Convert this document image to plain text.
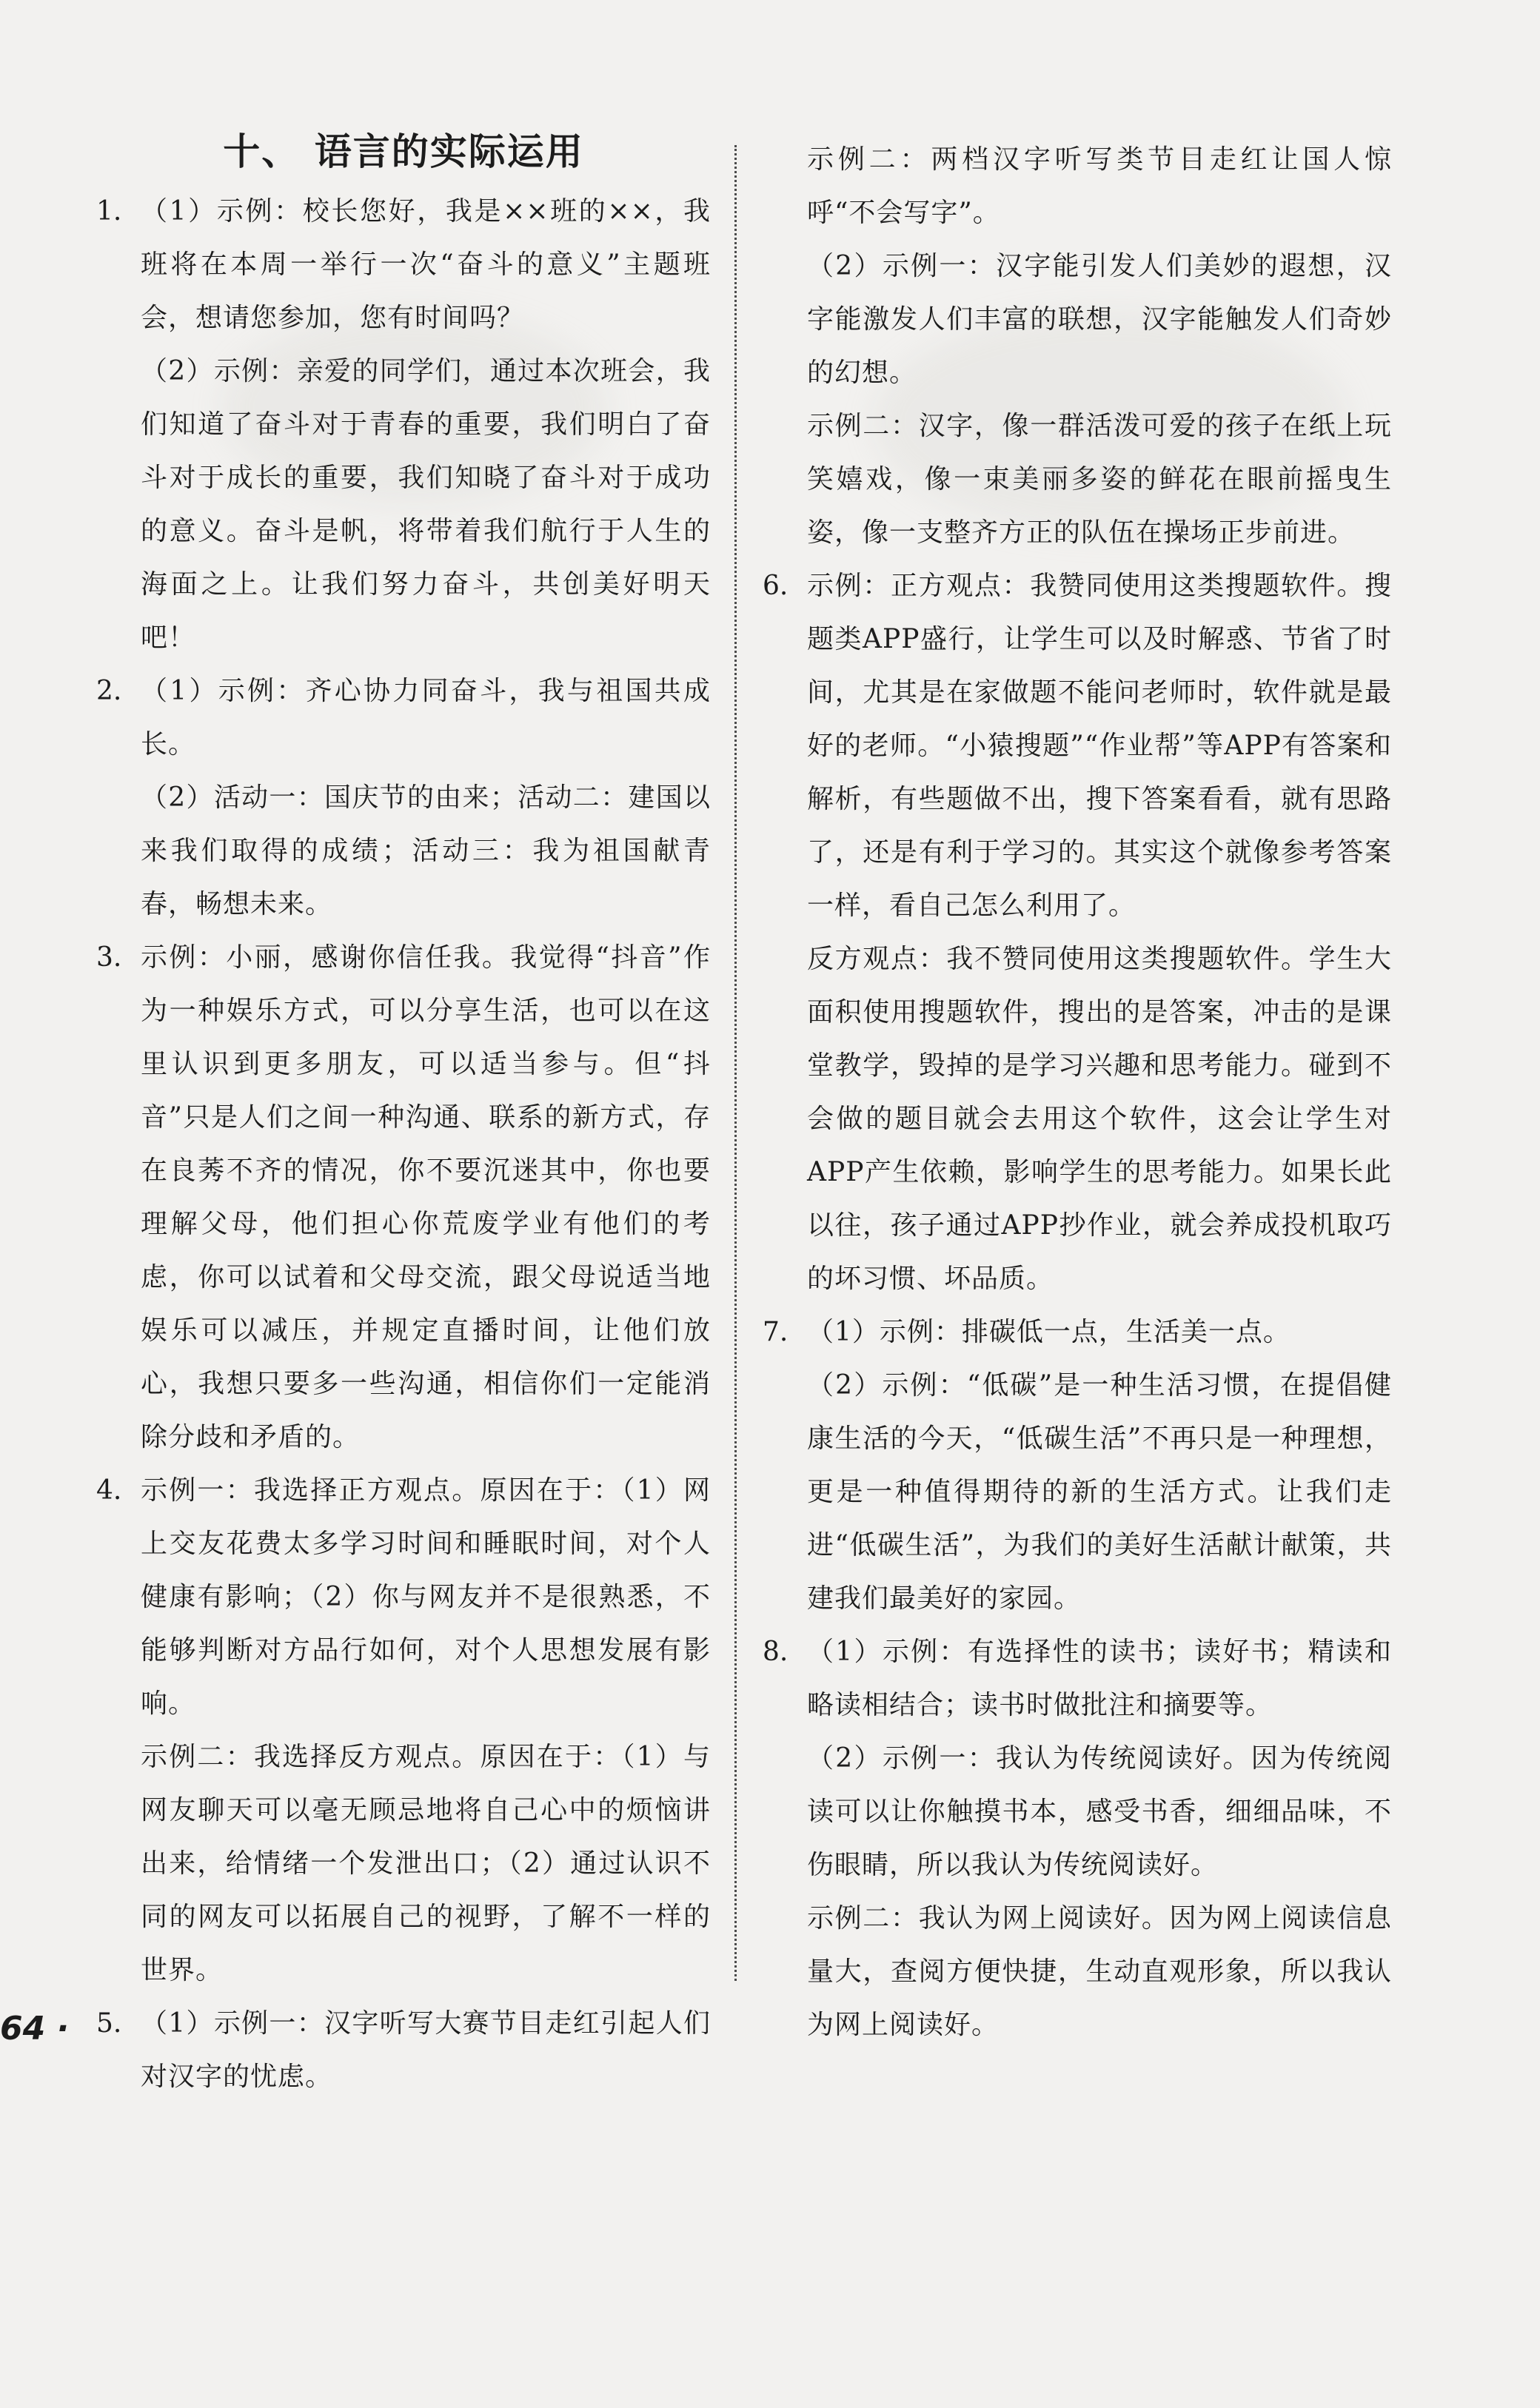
十、 语言的实际运用
1. （1）示例：校长您好，我是××班的××，我班将在本周一举行一次“奋斗的意义”主题班会，想请您参加，您有时间吗？

（2）示例：亲爱的同学们，通过本次班会，我们知道了奋斗对于青春的重要，我们明白了奋斗对于成长的重要，我们知晓了奋斗对于成功的意义。奋斗是帆，将带着我们航行于人生的海面之上。让我们努力奋斗，共创美好明天吧！

2. （1）示例：齐心协力同奋斗，我与祖国共成长。

（2）活动一：国庆节的由来；活动二：建国以来我们取得的成绩；活动三：我为祖国献青春，畅想未来。

3. 示例：小丽，感谢你信任我。我觉得“抖音”作为一种娱乐方式，可以分享生活，也可以在这里认识到更多朋友，可以适当参与。但“抖音”只是人们之间一种沟通、联系的新方式，存在良莠不齐的情况，你不要沉迷其中，你也要理解父母，他们担心你荒废学业有他们的考虑，你可以试着和父母交流，跟父母说适当地娱乐可以减压，并规定直播时间，让他们放心，我想只要多一些沟通，相信你们一定能消除分歧和矛盾的。

4. 示例一：我选择正方观点。原因在于：（1）网上交友花费太多学习时间和睡眠时间，对个人健康有影响；（2）你与网友并不是很熟悉，不能够判断对方品行如何，对个人思想发展有影响。

示例二：我选择反方观点。原因在于：（1）与网友聊天可以毫无顾忌地将自己心中的烦恼讲出来，给情绪一个发泄出口；（2）通过认识不同的网友可以拓展自己的视野，了解不一样的世界。

5. （1）示例一：汉字听写大赛节目走红引起人们对汉字的忧虑。

示例二：两档汉字听写类节目走红让国人惊呼“不会写字”。

（2）示例一：汉字能引发人们美妙的遐想，汉字能激发人们丰富的联想，汉字能触发人们奇妙的幻想。

示例二：汉字，像一群活泼可爱的孩子在纸上玩笑嬉戏，像一束美丽多姿的鲜花在眼前摇曳生姿，像一支整齐方正的队伍在操场正步前进。

6. 示例：正方观点：我赞同使用这类搜题软件。搜题类APP盛行，让学生可以及时解惑、节省了时间，尤其是在家做题不能问老师时，软件就是最好的老师。“小猿搜题”“作业帮”等APP有答案和解析，有些题做不出，搜下答案看看，就有思路了，还是有利于学习的。其实这个就像参考答案一样，看自己怎么利用了。

反方观点：我不赞同使用这类搜题软件。学生大面积使用搜题软件，搜出的是答案，冲击的是课堂教学，毁掉的是学习兴趣和思考能力。碰到不会做的题目就会去用这个软件，这会让学生对APP产生依赖，影响学生的思考能力。如果长此以往，孩子通过APP抄作业，就会养成投机取巧的坏习惯、坏品质。

7. （1）示例：排碳低一点，生活美一点。

（2）示例：“低碳”是一种生活习惯，在提倡健康生活的今天，“低碳生活”不再只是一种理想，更是一种值得期待的新的生活方式。让我们走进“低碳生活”，为我们的美好生活献计献策，共建我们最美好的家园。

8. （1）示例：有选择性的读书；读好书；精读和略读相结合；读书时做批注和摘要等。

（2）示例一：我认为传统阅读好。因为传统阅读可以让你触摸书本，感受书香，细细品味，不伤眼睛，所以我认为传统阅读好。

示例二：我认为网上阅读好。因为网上阅读信息量大，查阅方便快捷，生动直观形象，所以我认为网上阅读好。

64 ·
